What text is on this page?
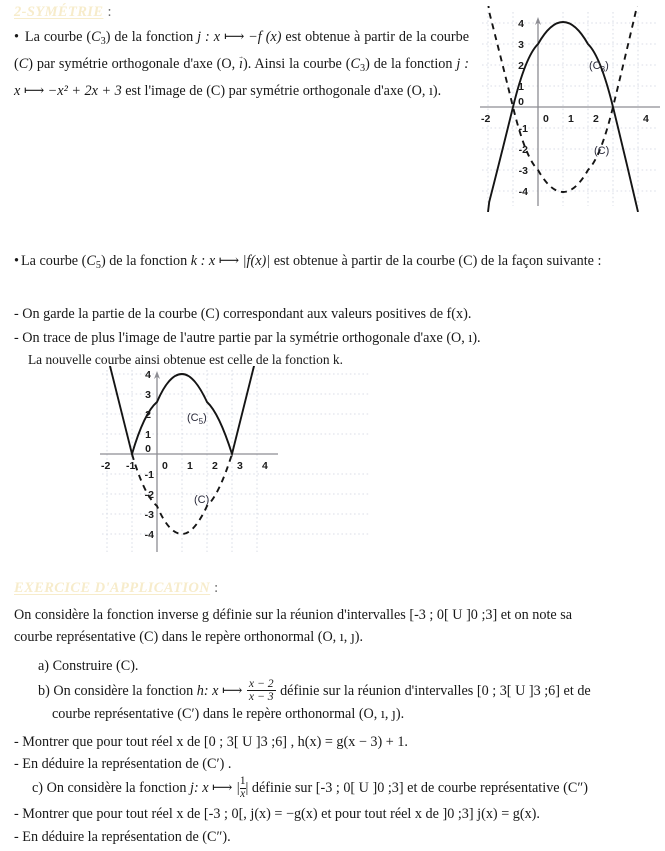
2-SYMÉTRIE :
• La courbe $(C_3)$ de la fonction j : x ⟼ −f (x) est obtenue à partir de la courbe (C) par symétrie orthogonale d'axe (O, ı →). Ainsi la courbe $(C_3)$ de la fonction j : x ⟼ −x² + 2x + 3 est l'image de (C) par symétrie orthogonale d'axe (O, ı).
-2	0 1 2	4
4
3
2
1
0
-1
-2
-3
-4
$(C_3)$
(C)
• La courbe $(C_5)$ de la fonction k : x ⟼ |f(x)| est obtenue à partir de la courbe (C) de la façon suivante :
- On garde la partie de la courbe (C) correspondant aux valeurs positives de f(x).
- On trace de plus l'image de l'autre partie par la symétrie orthogonale d'axe (O, ı).
La nouvelle courbe ainsi obtenue est celle de la fonction k.
-2 -1	0 1 2 3 4
4
3
2
1
0
-1
-2
-3
-4
$(C_5)$
(C)
EXERCICE D'APPLICATION :
On considère la fonction inverse g définie sur la réunion d'intervalles [-3 ; 0[ U ]0 ;3] et on note sa
courbe représentative (C) dans le repère orthonormal (O, ı, ȷ).
a) Construire (C).
b) On considère la fonction h: x ⟼ $\frac{x - 2}{x - 3}$ définie sur la réunion d'intervalles [0 ; 3[ U ]3 ;6] et de
courbe représentative (C′) dans le repère orthonormal (O, ı, ȷ).
- Montrer que pour tout réel x de [0 ; 3[ U ]3 ;6] , h(x) = g(x − 3) + 1.
- En déduire la représentation de (C′) .
c) On considère la fonction j: x ⟼ | $\frac{1}{x}$ | définie sur [-3 ; 0[ U ]0 ;3] et de courbe représentative (C″)
- Montrer que pour tout réel x de [-3 ; 0[, j(x) = −g(x) et pour tout réel x de ]0 ;3] j(x) = g(x).
- En déduire la représentation de (C″).
